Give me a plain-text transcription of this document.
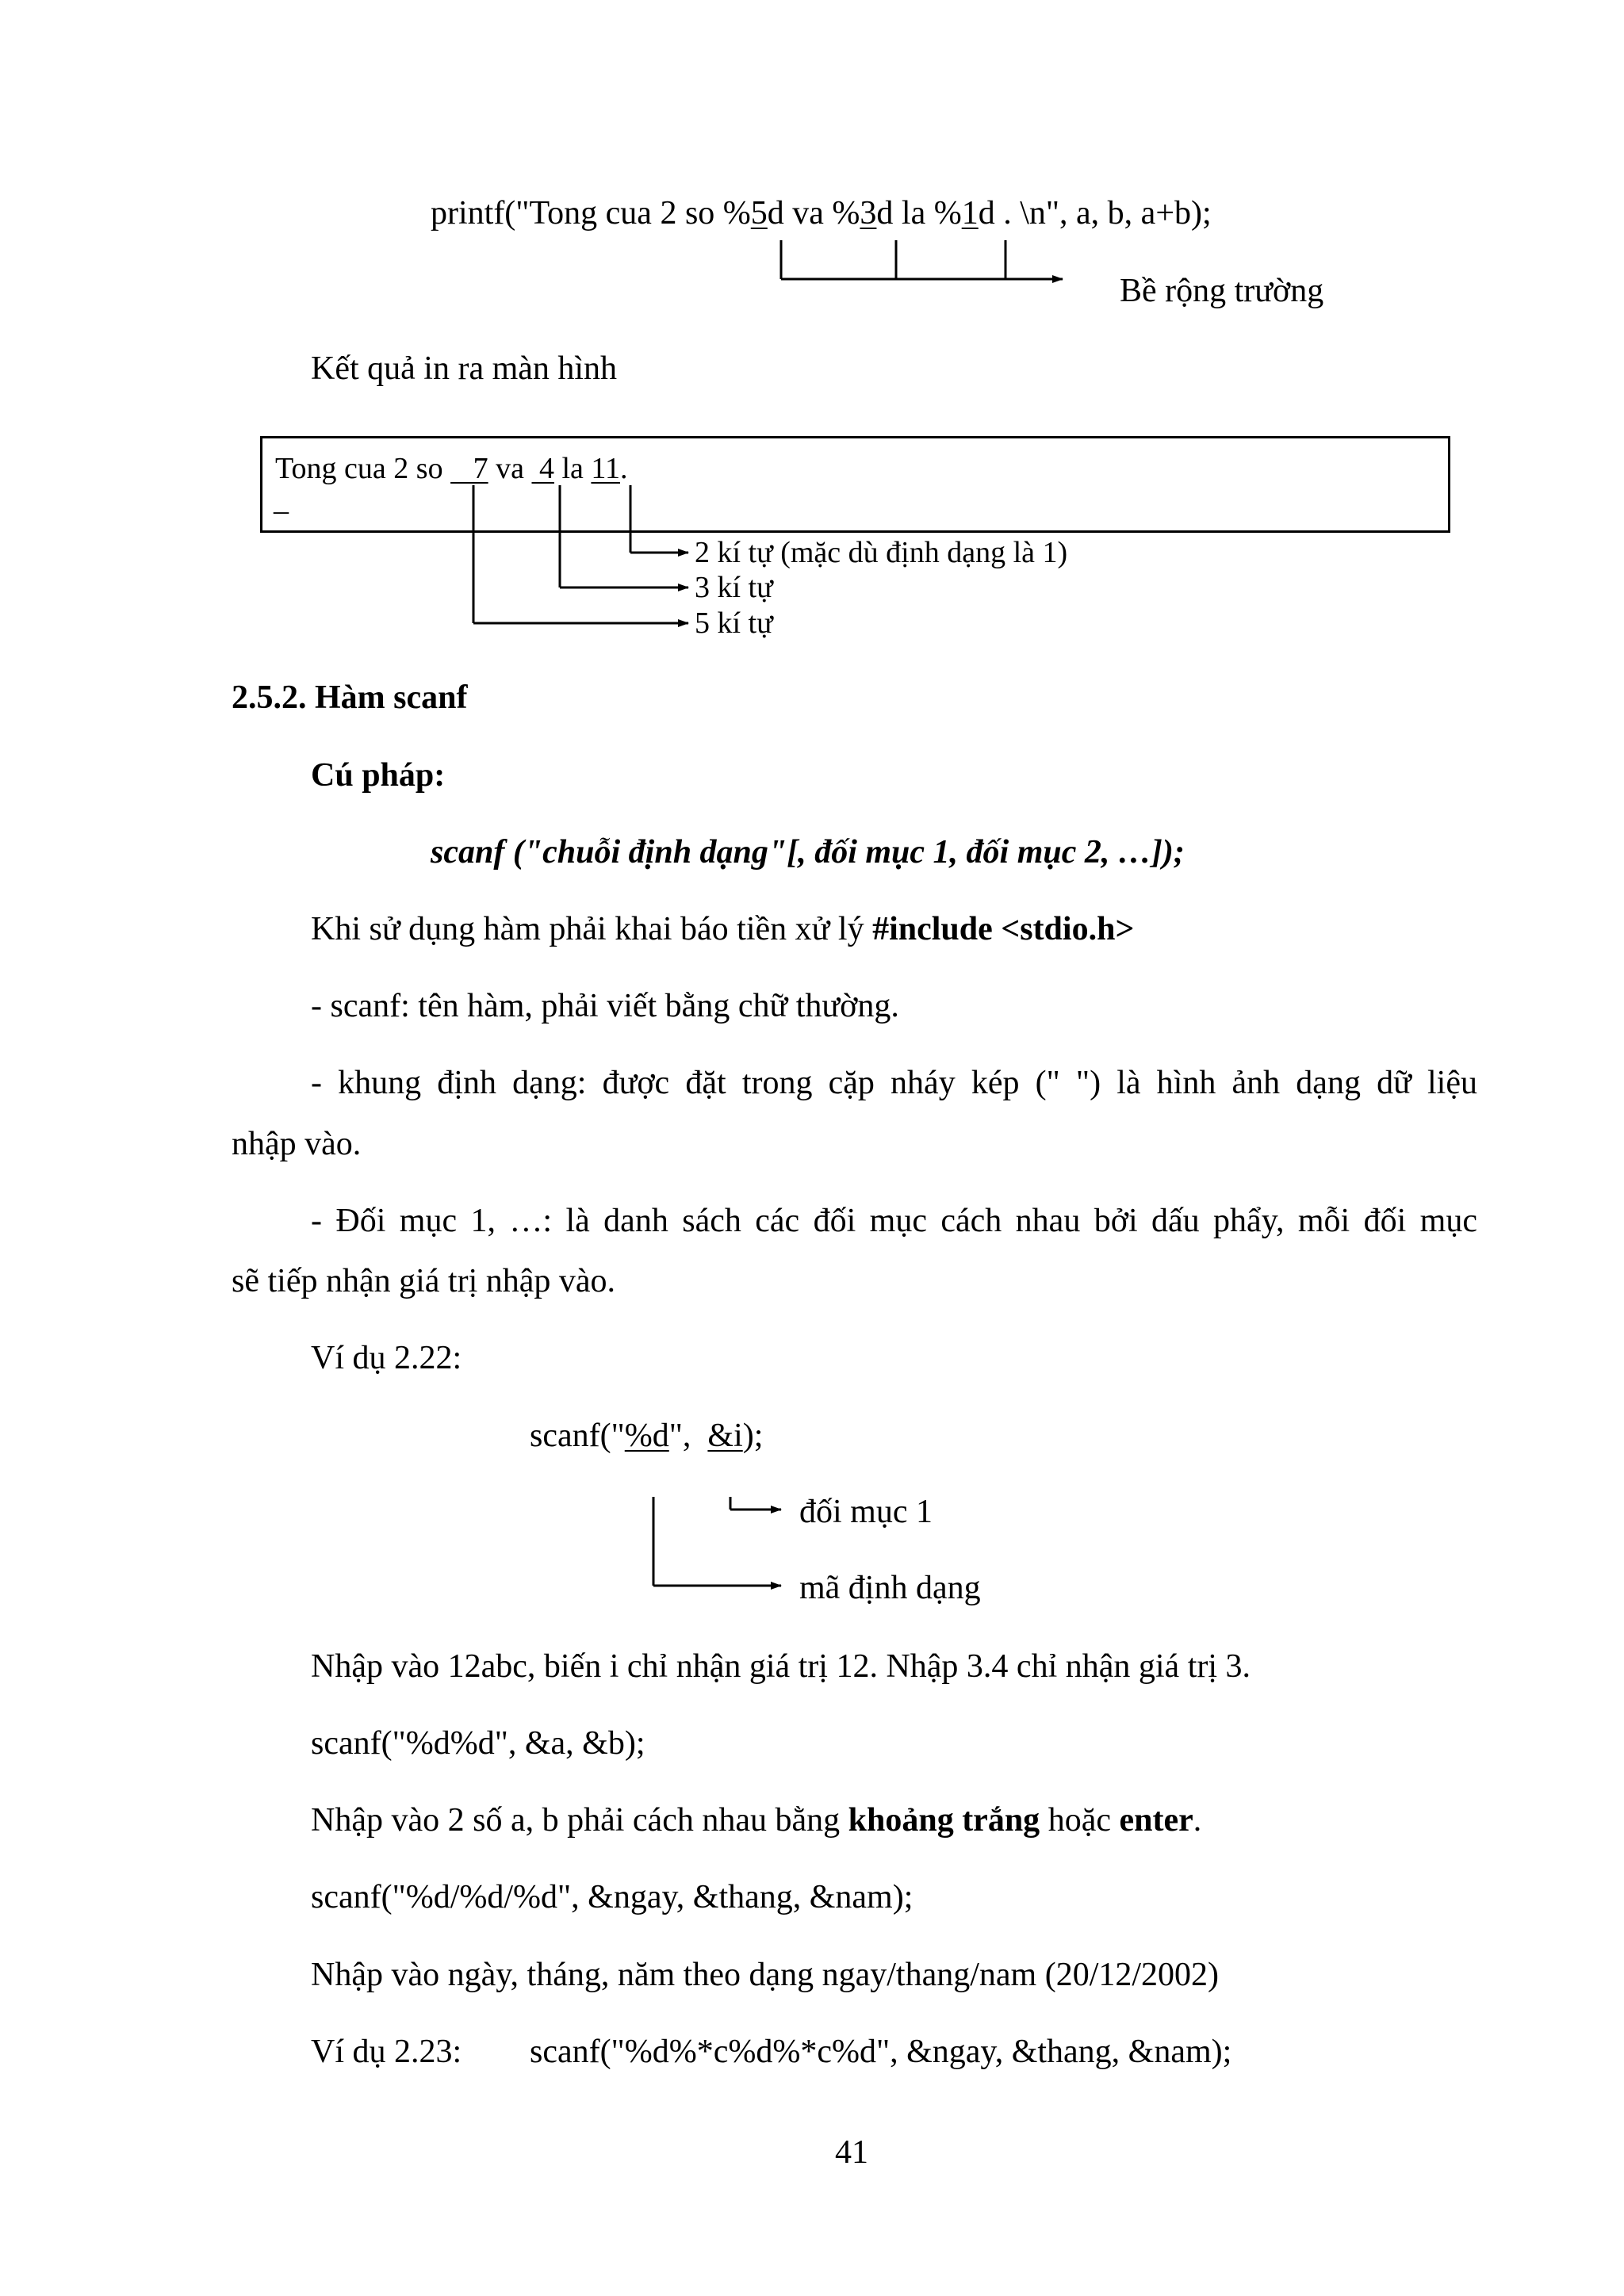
printf("Tong cua 2 so %5d va %3d la %1d . \n", a, b, a+b);
Bề rộng trường
Kết quả in ra màn hình
Tong cua 2 so    7 va  4 la 11.
_
2 kí tự (mặc dù định dạng là 1)
3 kí tự
5 kí tự
2.5.2. Hàm scanf
Cú pháp:
scanf ("chuỗi định dạng"[, đối mục 1, đối mục 2, …]);
Khi sử dụng hàm phải khai báo tiền xử lý #include <stdio.h>
- scanf: tên hàm, phải viết bằng chữ thường.
- khung định dạng: được đặt trong cặp nháy kép (" ") là hình ảnh dạng dữ liệu
nhập vào.
- Đối mục 1, …: là danh sách các đối mục cách nhau bởi dấu phẩy, mỗi đối mục
sẽ tiếp nhận giá trị nhập vào.
Ví dụ 2.22:
scanf("%d",  &i);
đối mục 1
mã định dạng
Nhập vào 12abc, biến i chỉ nhận giá trị 12. Nhập 3.4 chỉ nhận giá trị 3.
scanf("%d%d", &a, &b);
Nhập vào 2 số a, b phải cách nhau bằng khoảng trắng hoặc enter.
scanf("%d/%d/%d", &ngay, &thang, &nam);
Nhập vào ngày, tháng, năm theo dạng ngay/thang/nam (20/12/2002)
Ví dụ 2.23: scanf("%d%*c%d%*c%d", &ngay, &thang, &nam);
41
